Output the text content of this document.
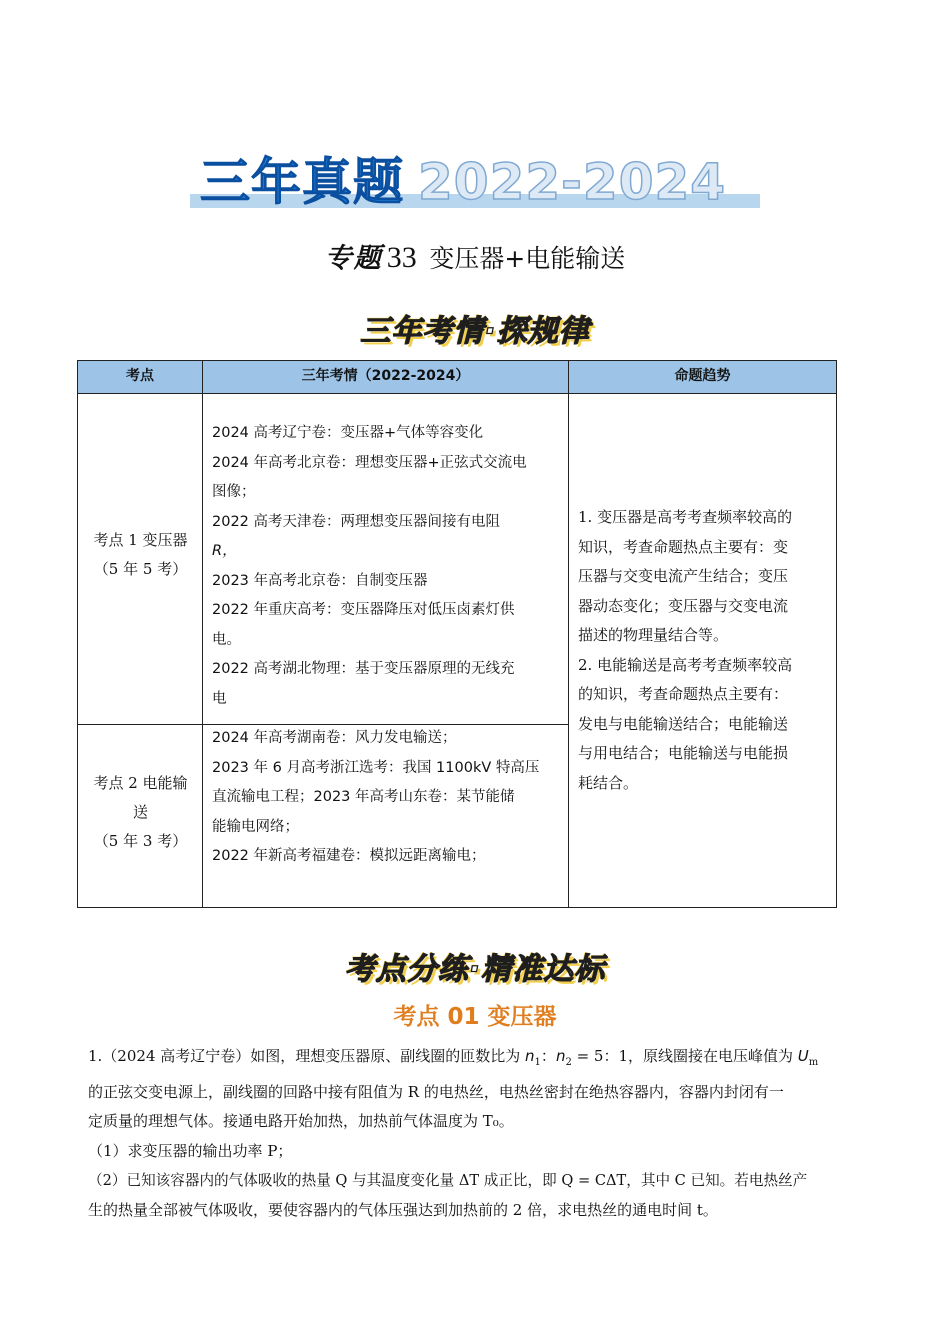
三年真题 2022-2024
专题 33 变压器+电能输送
三年考情·探规律
考点	三年考情（2022-2024）	命题趋势
考点 1 变压器
（5 年 5 考）
2024 高考辽宁卷：变压器+气体等容变化
2024 年高考北京卷：理想变压器+正弦式交流电
图像；
2022 高考天津卷：两理想变压器间接有电阻
R，
2023 年高考北京卷：自制变压器
2022 年重庆高考：变压器降压对低压卤素灯供
电。
2022 高考湖北物理：基于变压器原理的无线充
电
考点 2 电能输
送
（5 年 3 考）
2024 年高考湖南卷：风力发电输送；
2023 年 6 月高考浙江选考：我国 1100kV 特高压
直流输电工程；2023 年高考山东卷：某节能储
能输电网络；
2022 年新高考福建卷：模拟远距离输电；
1. 变压器是高考考查频率较高的
知识，考查命题热点主要有：变
压器与交变电流产生结合；变压
器动态变化；变压器与交变电流
描述的物理量结合等。
2. 电能输送是高考考查频率较高
的知识，考查命题热点主要有：
发电与电能输送结合；电能输送
与用电结合；电能输送与电能损
耗结合。
考点分练·精准达标
考点 01 变压器
1.（2024 高考辽宁卷）如图，理想变压器原、副线圈的匝数比为 $n_1$：$n_2 = 5$：1，原线圈接在电压峰值为 $U_m$
的正弦交变电源上，副线圈的回路中接有阻值为 R 的电热丝，电热丝密封在绝热容器内，容器内封闭有一
定质量的理想气体。接通电路开始加热，加热前气体温度为 T₀。
（1）求变压器的输出功率 P；
（2）已知该容器内的气体吸收的热量 Q 与其温度变化量 ΔT 成正比，即 Q = CΔT，其中 C 已知。若电热丝产
生的热量全部被气体吸收，要使容器内的气体压强达到加热前的 2 倍，求电热丝的通电时间 t。
